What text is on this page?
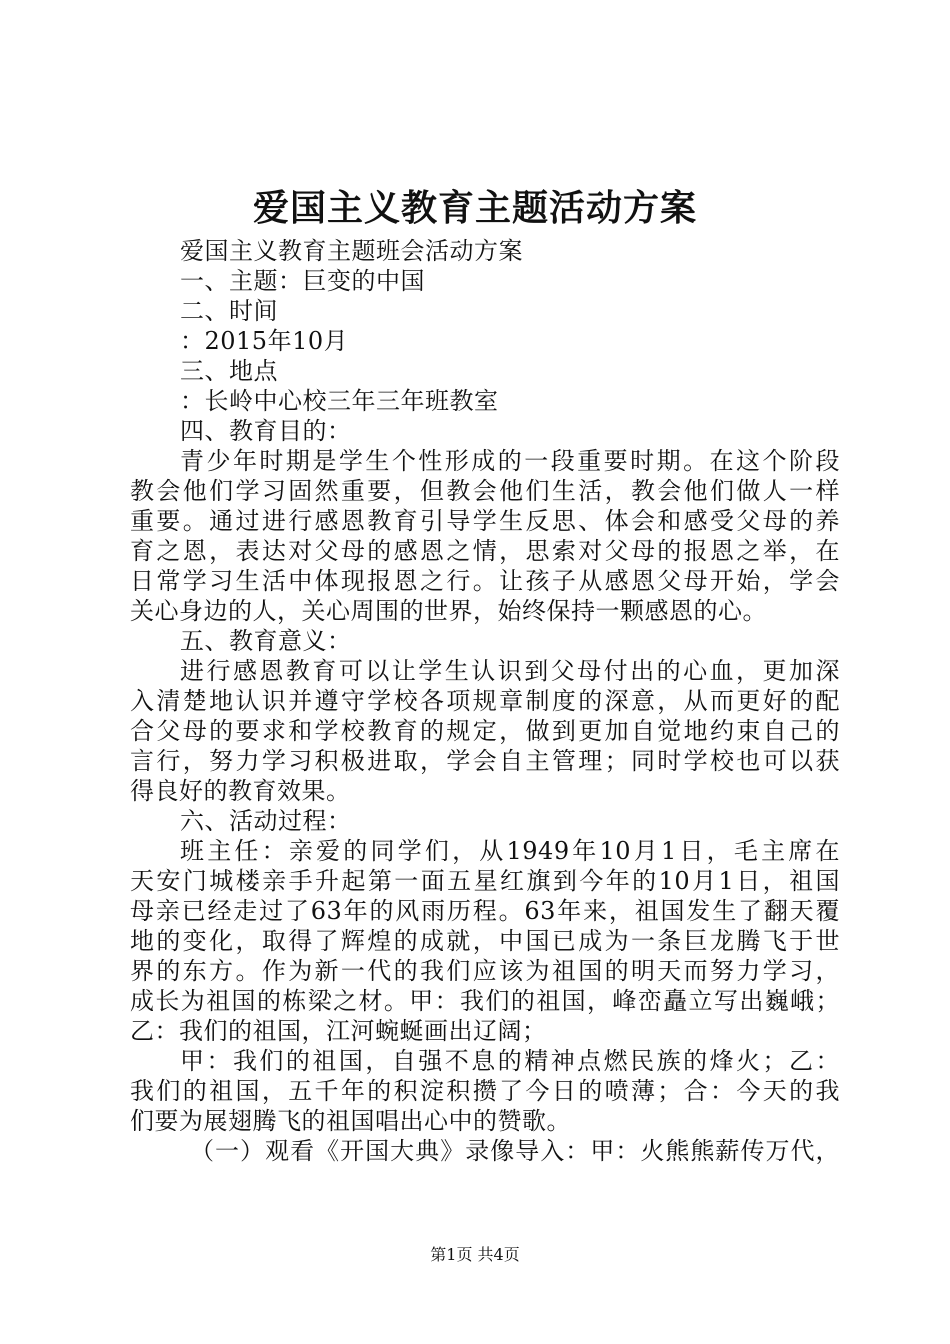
爱国主义教育主题活动方案
爱国主义教育主题班会活动方案
一、主题：巨变的中国
二、时间
：2015年10月
三、地点
：长岭中心校三年三年班教室
四、教育目的：
青少年时期是学生个性形成的一段重要时期。在这个阶段
教会他们学习固然重要，但教会他们生活，教会他们做人一样
重要。通过进行感恩教育引导学生反思、体会和感受父母的养
育之恩，表达对父母的感恩之情，思索对父母的报恩之举，在
日常学习生活中体现报恩之行。让孩子从感恩父母开始，学会
关心身边的人，关心周围的世界，始终保持一颗感恩的心。
五、教育意义：
进行感恩教育可以让学生认识到父母付出的心血，更加深
入清楚地认识并遵守学校各项规章制度的深意，从而更好的配
合父母的要求和学校教育的规定，做到更加自觉地约束自己的
言行，努力学习积极进取，学会自主管理；同时学校也可以获
得良好的教育效果。
六、活动过程：
班主任：亲爱的同学们，从1949年10月1日，毛主席在
天安门城楼亲手升起第一面五星红旗到今年的10月1日，祖国
母亲已经走过了63年的风雨历程。63年来，祖国发生了翻天覆
地的变化，取得了辉煌的成就，中国已成为一条巨龙腾飞于世
界的东方。作为新一代的我们应该为祖国的明天而努力学习，
成长为祖国的栋梁之材。甲：我们的祖国，峰峦矗立写出巍峨；
乙：我们的祖国，江河蜿蜒画出辽阔；
甲：我们的祖国，自强不息的精神点燃民族的烽火；乙：
我们的祖国，五千年的积淀积攒了今日的喷薄；合：今天的我
们要为展翅腾飞的祖国唱出心中的赞歌。
（一）观看《开国大典》录像导入：甲：火熊熊薪传万代，
第1页 共4页
